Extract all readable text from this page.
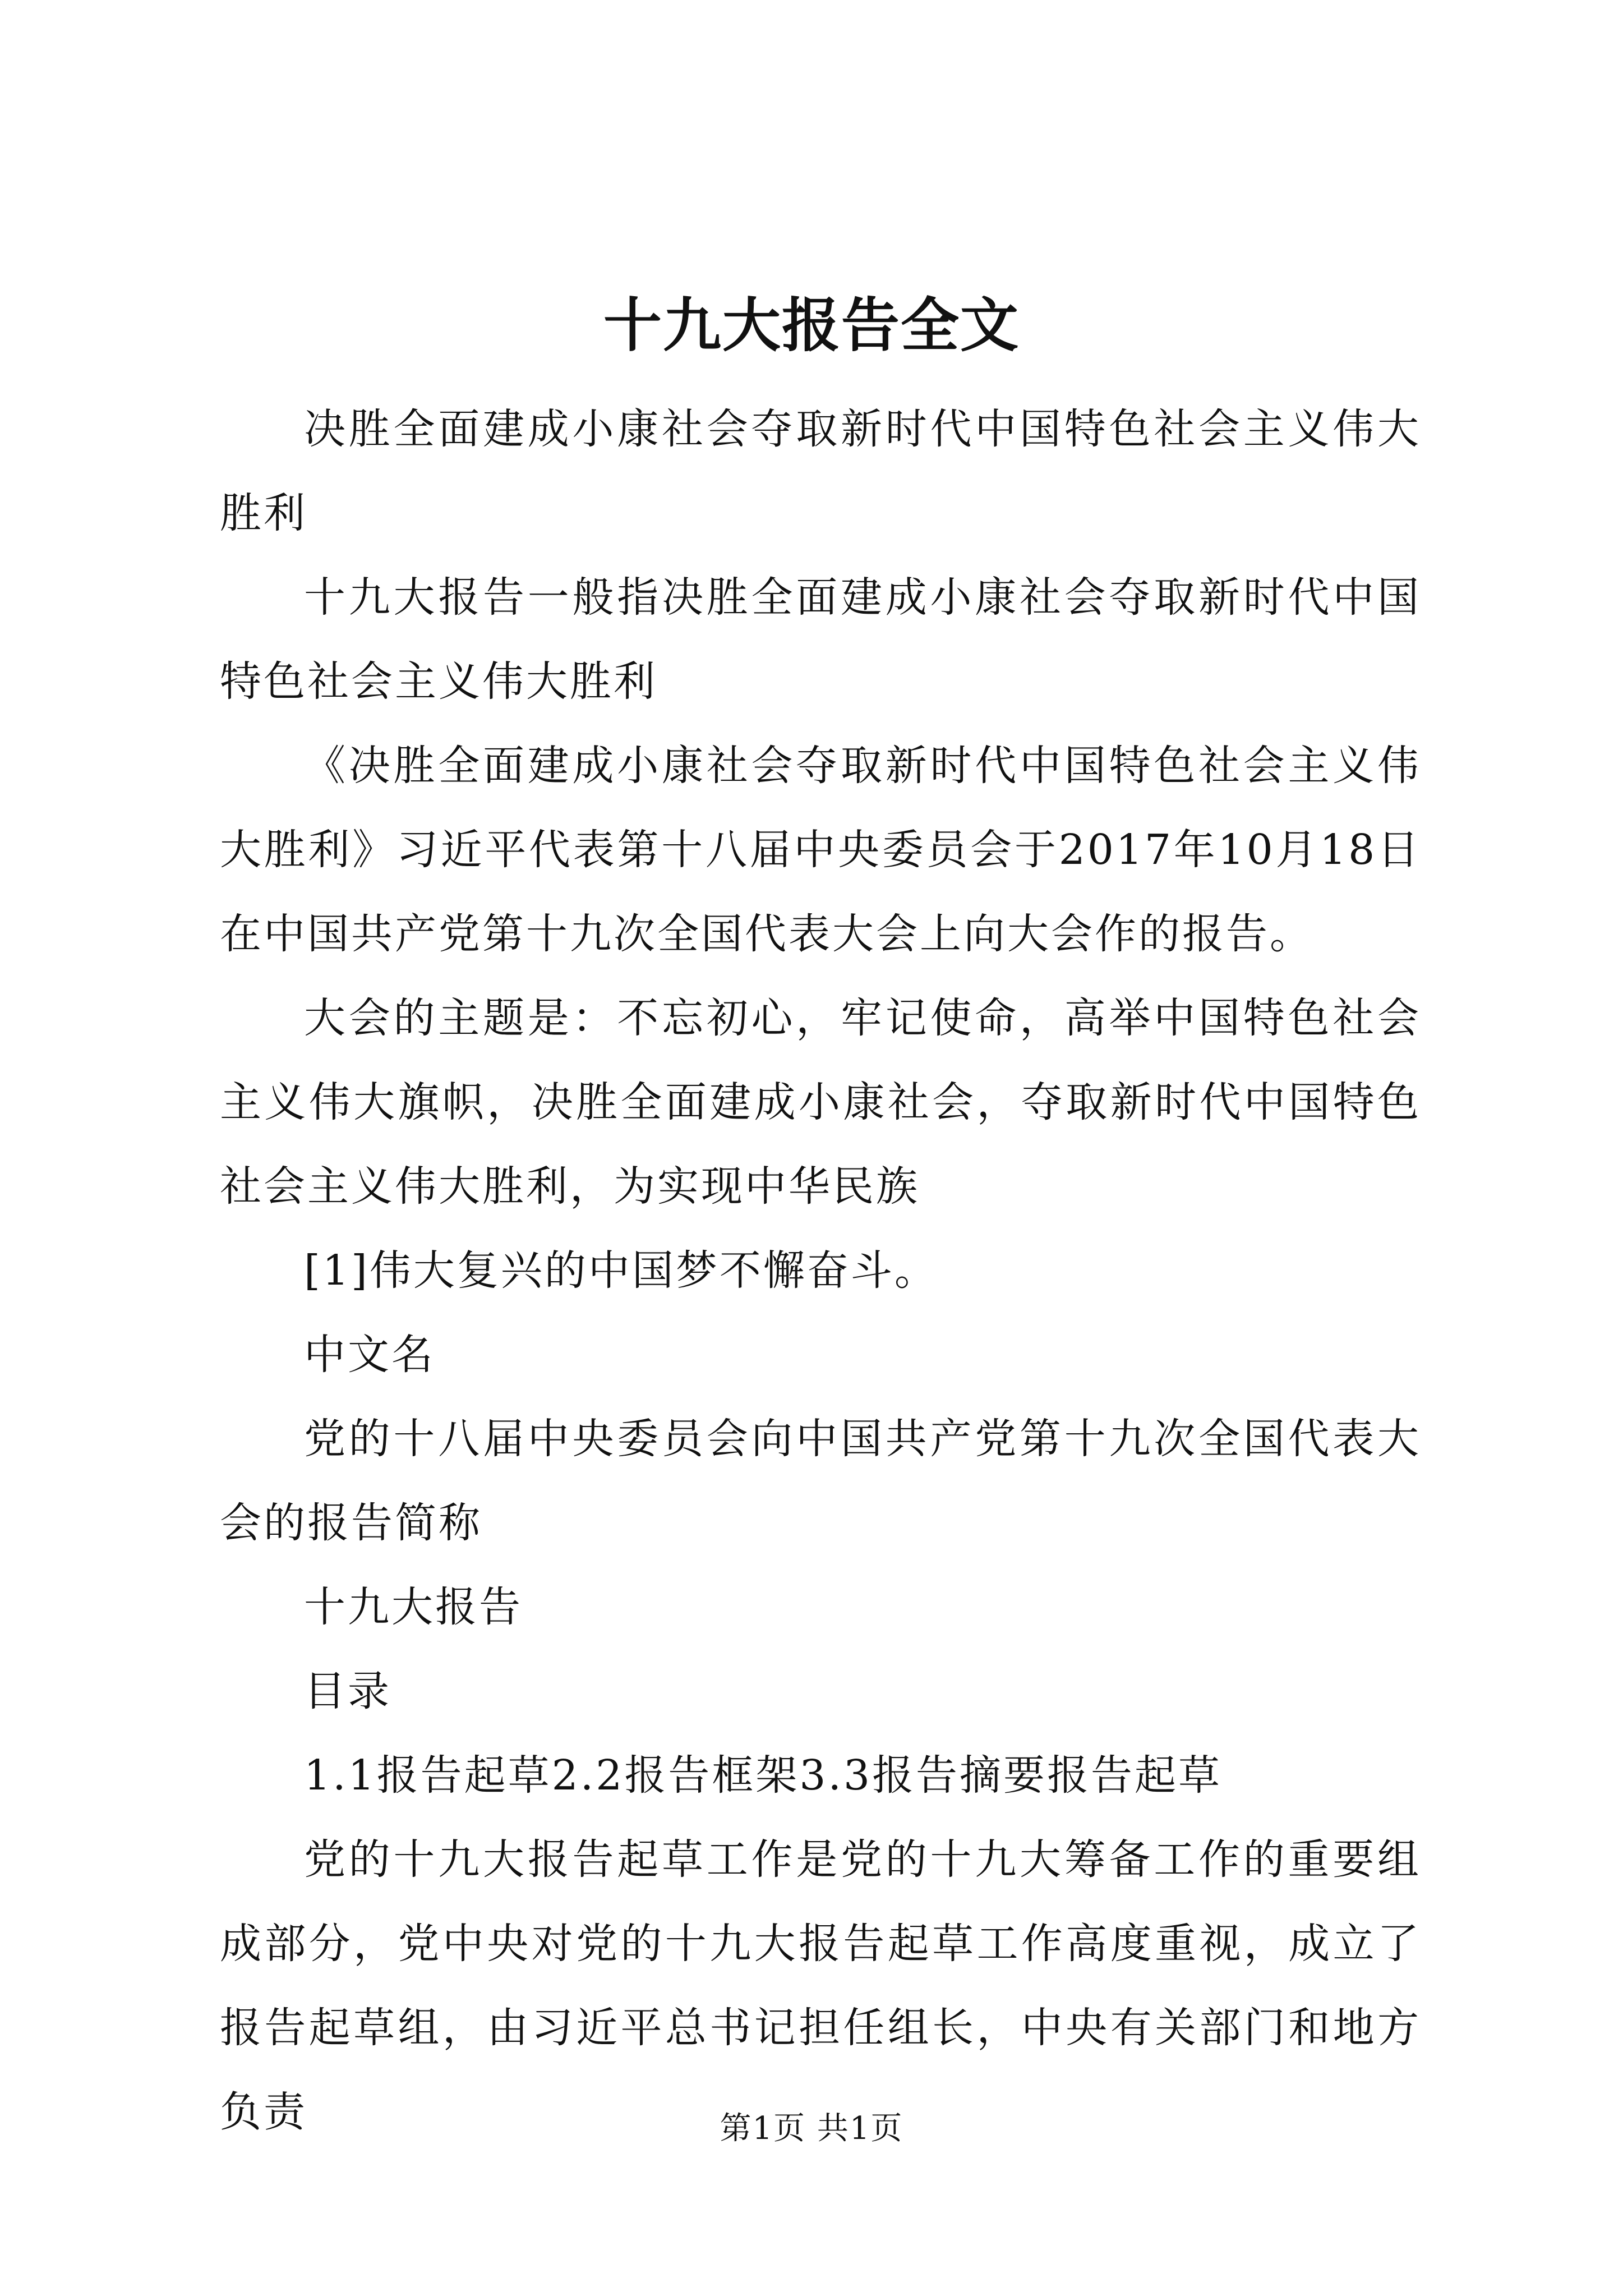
十九大报告全文

决胜全面建成小康社会夺取新时代中国特色社会主义伟大胜利

十九大报告一般指决胜全面建成小康社会夺取新时代中国特色社会主义伟大胜利

《决胜全面建成小康社会夺取新时代中国特色社会主义伟大胜利》习近平代表第十八届中央委员会于2017年10月18日在中国共产党第十九次全国代表大会上向大会作的报告。

大会的主题是：不忘初心，牢记使命，高举中国特色社会主义伟大旗帜，决胜全面建成小康社会，夺取新时代中国特色社会主义伟大胜利，为实现中华民族

[1]伟大复兴的中国梦不懈奋斗。

中文名

党的十八届中央委员会向中国共产党第十九次全国代表大会的报告简称

十九大报告

目录

1.1报告起草2.2报告框架3.3报告摘要报告起草

党的十九大报告起草工作是党的十九大筹备工作的重要组成部分，党中央对党的十九大报告起草工作高度重视，成立了报告起草组，由习近平总书记担任组长，中央有关部门和地方负责	第1页 共1页
